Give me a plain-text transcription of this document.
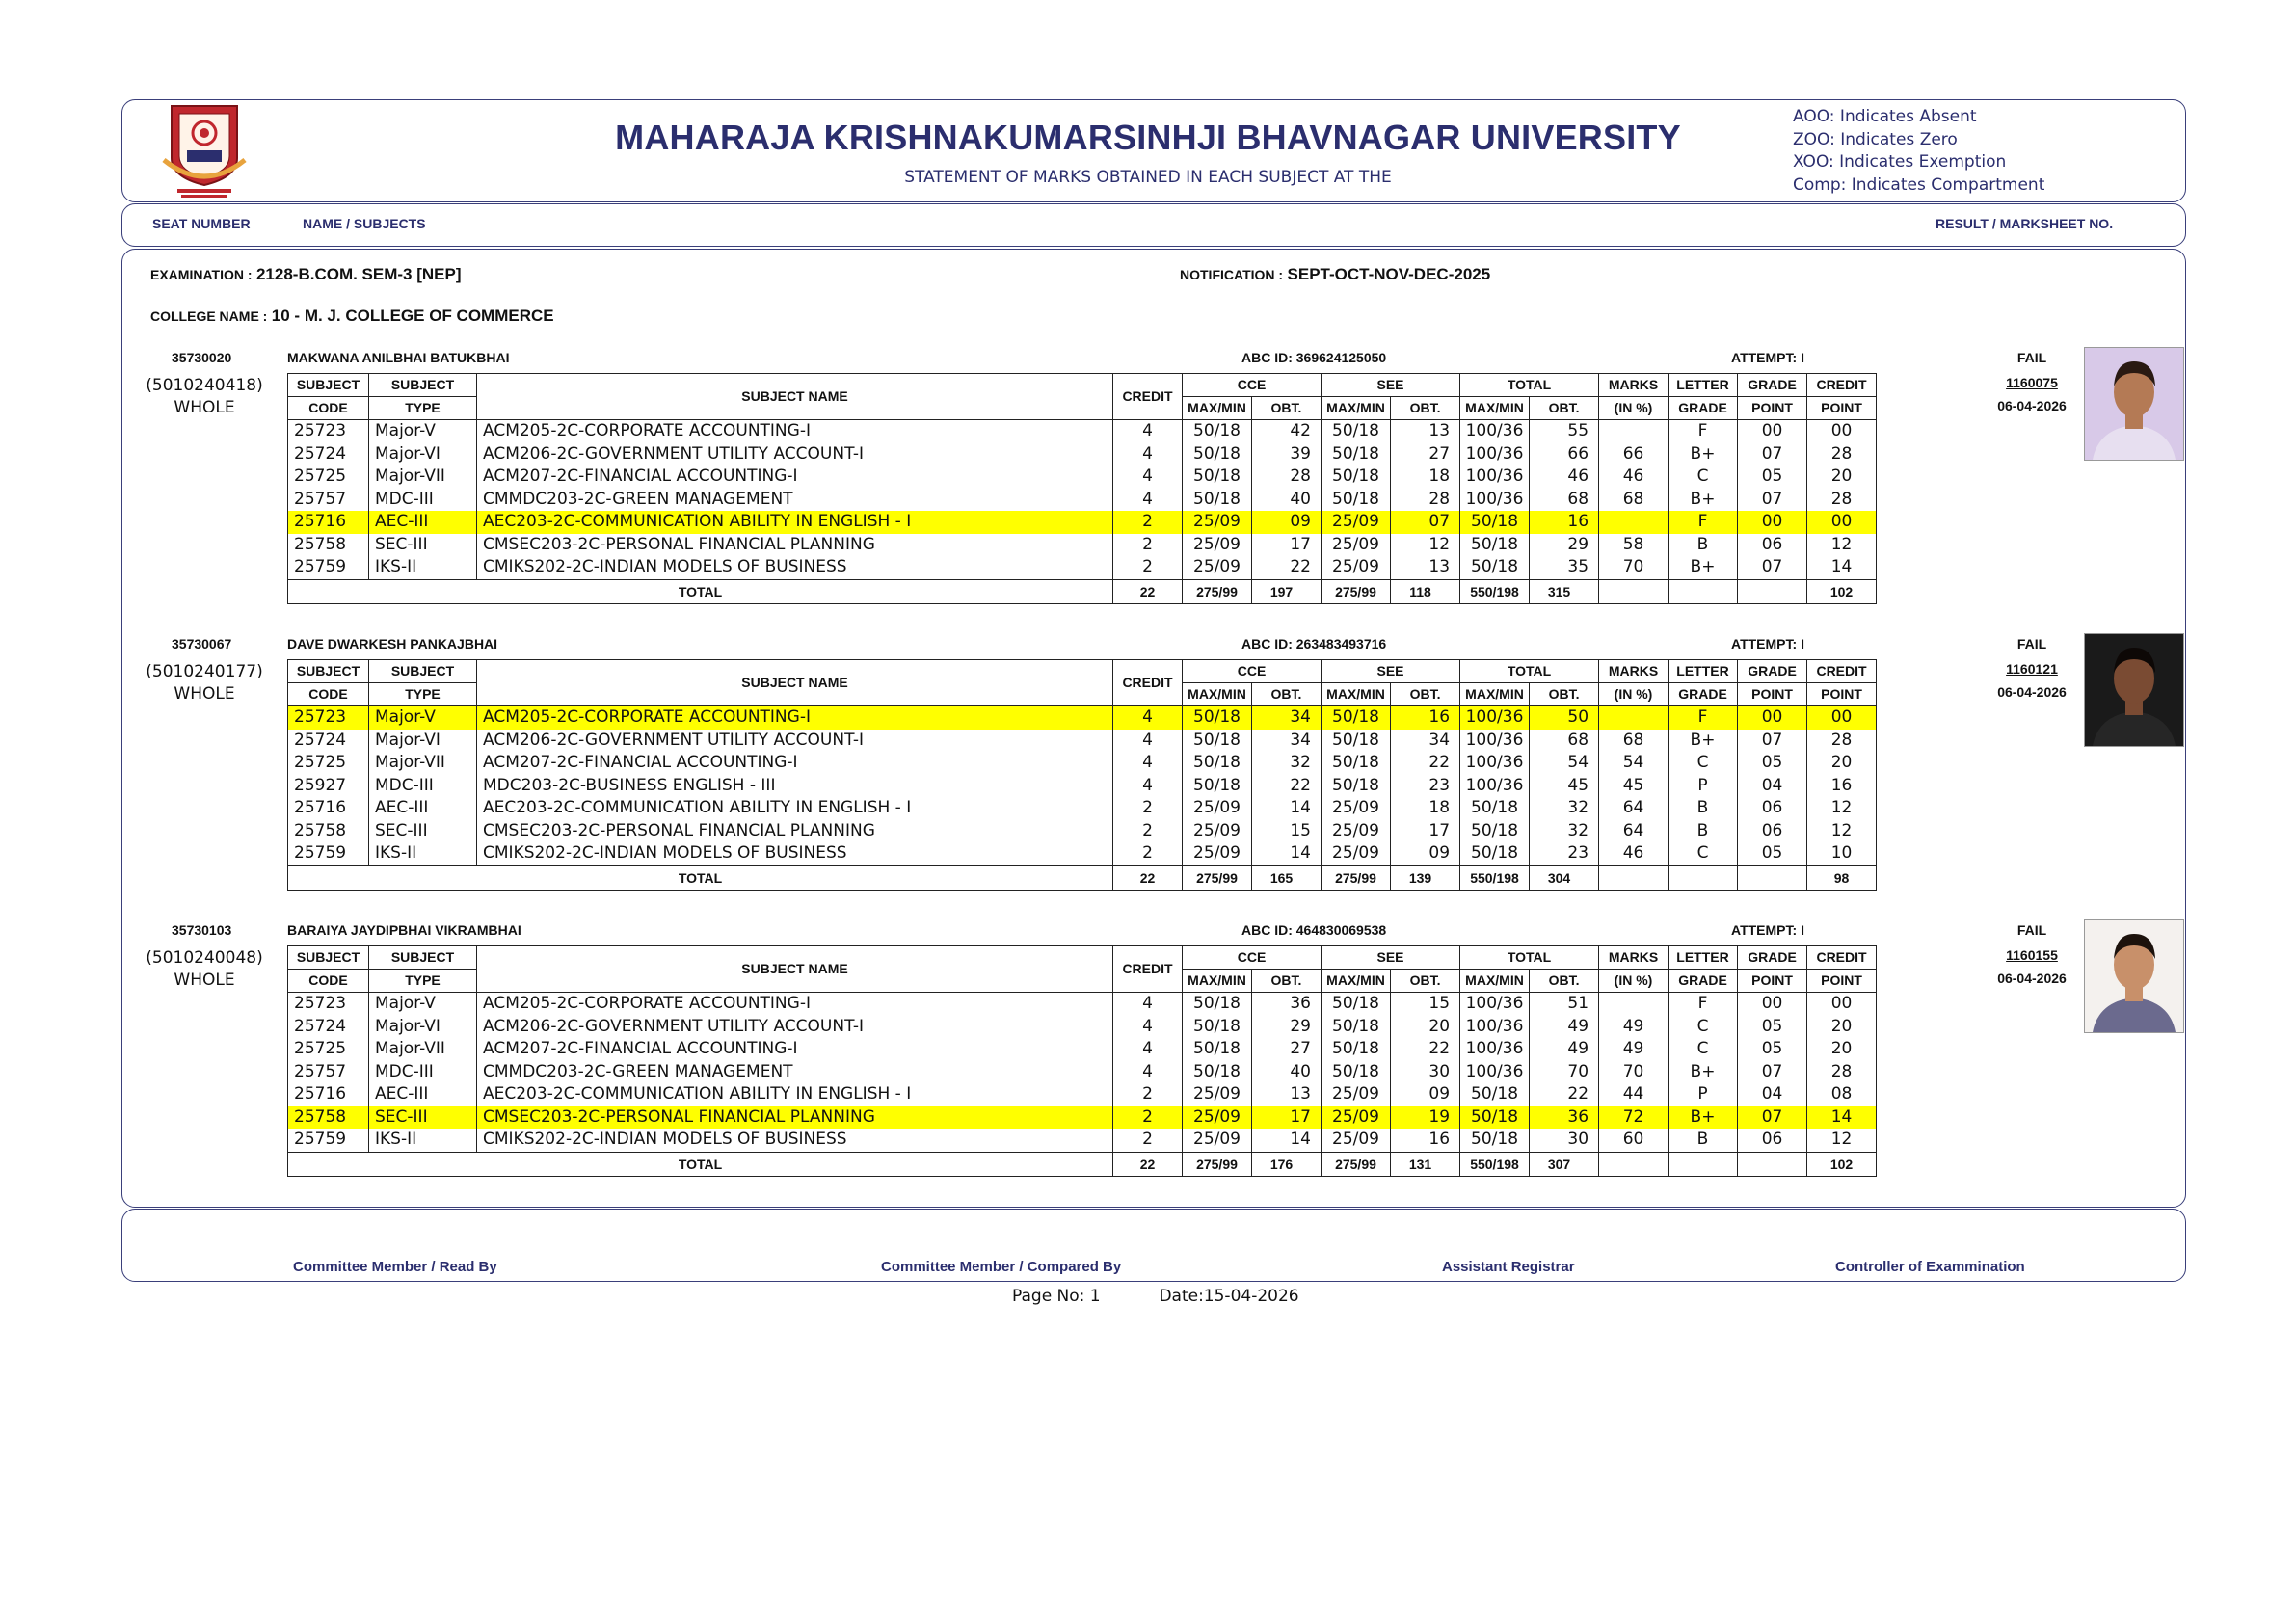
MAHARAJA KRISHNAKUMARSINHJI BHAVNAGAR UNIVERSITY
STATEMENT OF MARKS OBTAINED IN EACH SUBJECT AT THE
AOO: Indicates Absent
ZOO: Indicates Zero
XOO: Indicates Exemption
Comp: Indicates Compartment
SEAT NUMBER	NAME / SUBJECTS	RESULT / MARKSHEET NO.
EXAMINATION : 2128-B.COM. SEM-3 [NEP]	NOTIFICATION : SEPT-OCT-NOV-DEC-2025
COLLEGE NAME : 10 - M. J. COLLEGE OF COMMERCE
35730020	MAKWANA ANILBHAI BATUKBHAI	ABC ID: 369624125050	ATTEMPT: I
(5010240418)
WHOLE
FAIL
1160075
06-04-2026
SUBJECT	SUBJECT	SUBJECT NAME	CREDIT	CCE		SEE		TOTAL		MARKS	LETTER	GRADE	CREDIT
CODE	TYPE			MAX/MIN	OBT.	MAX/MIN	OBT.	MAX/MIN	OBT.	(IN %)	GRADE	POINT	POINT
25723	Major-V	ACM205-2C-CORPORATE ACCOUNTING-I	4	50/18	42	50/18	13	100/36	55		F	00	00
25724	Major-VI	ACM206-2C-GOVERNMENT UTILITY ACCOUNT-I	4	50/18	39	50/18	27	100/36	66	66	B+	07	28
25725	Major-VII	ACM207-2C-FINANCIAL ACCOUNTING-I	4	50/18	28	50/18	18	100/36	46	46	C	05	20
25757	MDC-III	CMMDC203-2C-GREEN MANAGEMENT	4	50/18	40	50/18	28	100/36	68	68	B+	07	28
25716	AEC-III	AEC203-2C-COMMUNICATION ABILITY IN ENGLISH - I	2	25/09	09	25/09	07	50/18	16		F	00	00
25758	SEC-III	CMSEC203-2C-PERSONAL FINANCIAL PLANNING	2	25/09	17	25/09	12	50/18	29	58	B	06	12
25759	IKS-II	CMIKS202-2C-INDIAN MODELS OF BUSINESS	2	25/09	22	25/09	13	50/18	35	70	B+	07	14
TOTAL			22	275/99	197	275/99	118	550/198	315				102
35730067	DAVE DWARKESH PANKAJBHAI	ABC ID: 263483493716	ATTEMPT: I
(5010240177)
WHOLE
FAIL
1160121
06-04-2026
SUBJECT	SUBJECT	SUBJECT NAME	CREDIT	CCE		SEE		TOTAL		MARKS	LETTER	GRADE	CREDIT
CODE	TYPE			MAX/MIN	OBT.	MAX/MIN	OBT.	MAX/MIN	OBT.	(IN %)	GRADE	POINT	POINT
25723	Major-V	ACM205-2C-CORPORATE ACCOUNTING-I	4	50/18	34	50/18	16	100/36	50		F	00	00
25724	Major-VI	ACM206-2C-GOVERNMENT UTILITY ACCOUNT-I	4	50/18	34	50/18	34	100/36	68	68	B+	07	28
25725	Major-VII	ACM207-2C-FINANCIAL ACCOUNTING-I	4	50/18	32	50/18	22	100/36	54	54	C	05	20
25927	MDC-III	MDC203-2C-BUSINESS ENGLISH - III	4	50/18	22	50/18	23	100/36	45	45	P	04	16
25716	AEC-III	AEC203-2C-COMMUNICATION ABILITY IN ENGLISH - I	2	25/09	14	25/09	18	50/18	32	64	B	06	12
25758	SEC-III	CMSEC203-2C-PERSONAL FINANCIAL PLANNING	2	25/09	15	25/09	17	50/18	32	64	B	06	12
25759	IKS-II	CMIKS202-2C-INDIAN MODELS OF BUSINESS	2	25/09	14	25/09	09	50/18	23	46	C	05	10
TOTAL			22	275/99	165	275/99	139	550/198	304				98
35730103	BARAIYA JAYDIPBHAI VIKRAMBHAI	ABC ID: 464830069538	ATTEMPT: I
(5010240048)
WHOLE
FAIL
1160155
06-04-2026
SUBJECT	SUBJECT	SUBJECT NAME	CREDIT	CCE		SEE		TOTAL		MARKS	LETTER	GRADE	CREDIT
CODE	TYPE			MAX/MIN	OBT.	MAX/MIN	OBT.	MAX/MIN	OBT.	(IN %)	GRADE	POINT	POINT
25723	Major-V	ACM205-2C-CORPORATE ACCOUNTING-I	4	50/18	36	50/18	15	100/36	51		F	00	00
25724	Major-VI	ACM206-2C-GOVERNMENT UTILITY ACCOUNT-I	4	50/18	29	50/18	20	100/36	49	49	C	05	20
25725	Major-VII	ACM207-2C-FINANCIAL ACCOUNTING-I	4	50/18	27	50/18	22	100/36	49	49	C	05	20
25757	MDC-III	CMMDC203-2C-GREEN MANAGEMENT	4	50/18	40	50/18	30	100/36	70	70	B+	07	28
25716	AEC-III	AEC203-2C-COMMUNICATION ABILITY IN ENGLISH - I	2	25/09	13	25/09	09	50/18	22	44	P	04	08
25758	SEC-III	CMSEC203-2C-PERSONAL FINANCIAL PLANNING	2	25/09	17	25/09	19	50/18	36	72	B+	07	14
25759	IKS-II	CMIKS202-2C-INDIAN MODELS OF BUSINESS	2	25/09	14	25/09	16	50/18	30	60	B	06	12
TOTAL			22	275/99	176	275/99	131	550/198	307				102
Committee Member / Read By	Committee Member / Compared By	Assistant Registrar	Controller of Exammination
Page No: 1	Date:15-04-2026
